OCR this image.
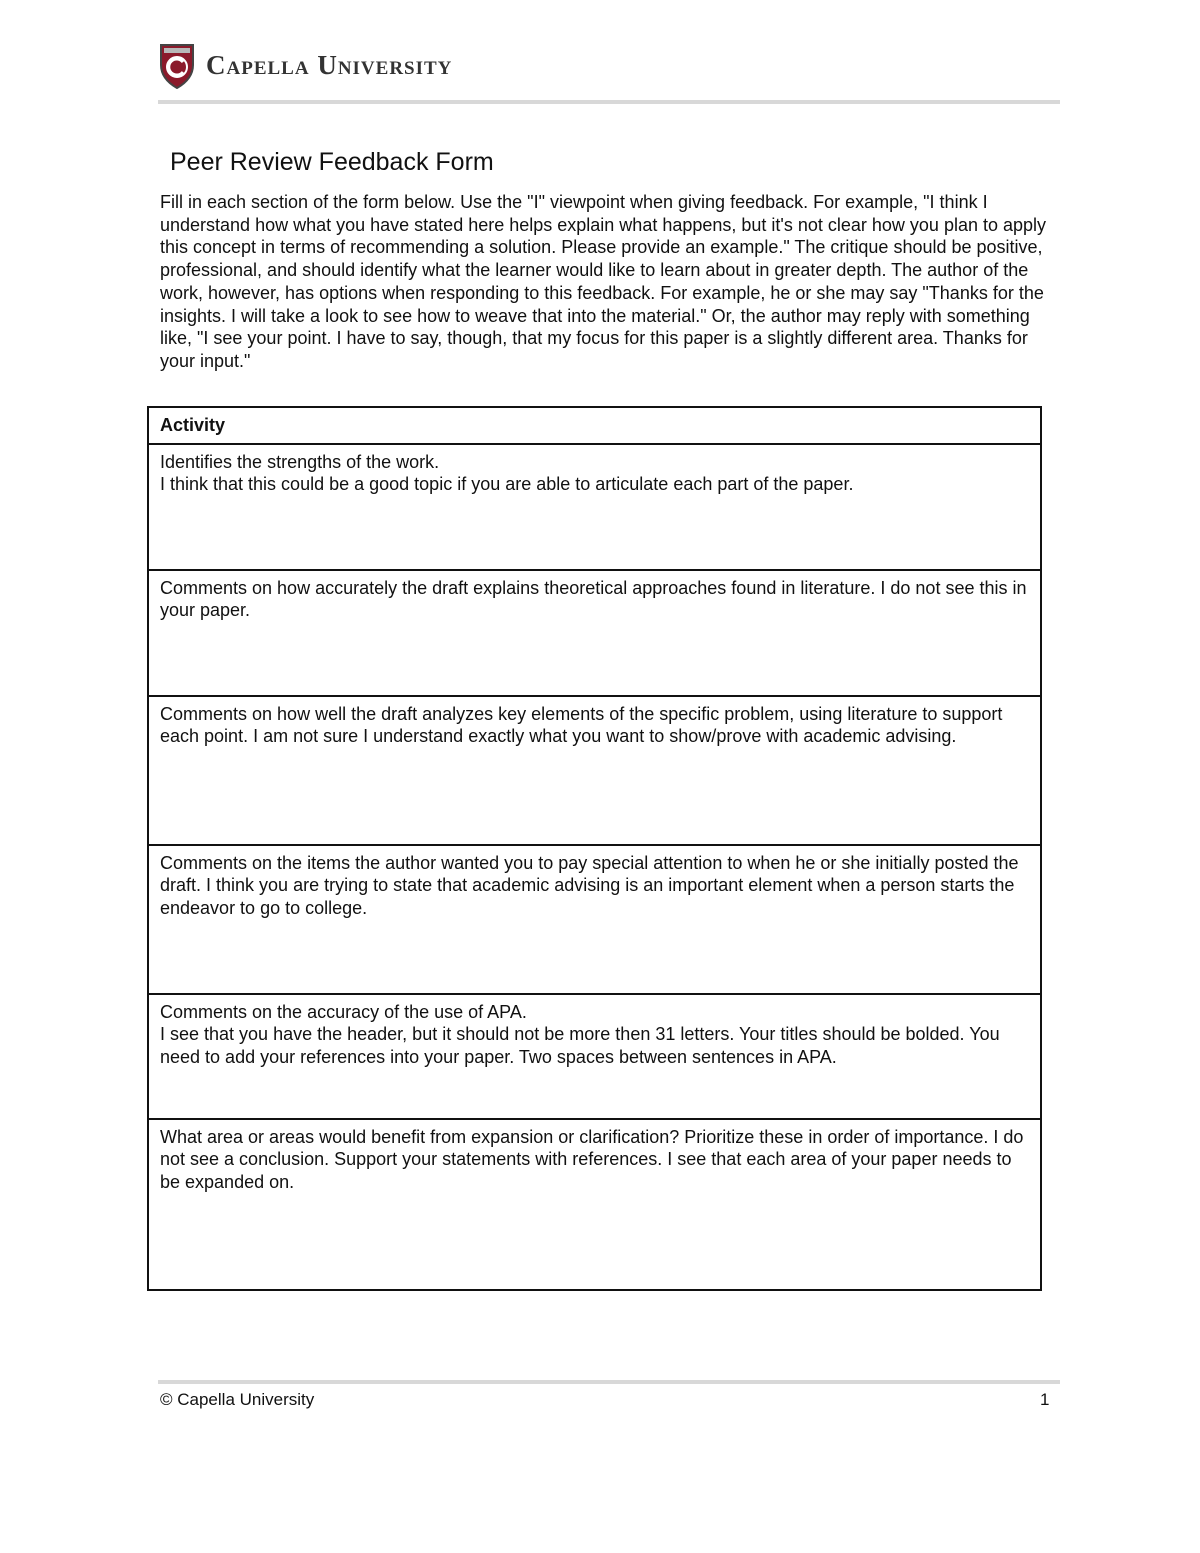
Capella University
Peer Review Feedback Form

Fill in each section of the form below. Use the "I" viewpoint when giving feedback. For example, "I think I understand how what you have stated here helps explain what happens, but it's not clear how you plan to apply this concept in terms of recommending a solution. Please provide an example." The critique should be positive, professional, and should identify what the learner would like to learn about in greater depth. The author of the work, however, has options when responding to this feedback. For example, he or she may say "Thanks for the insights. I will take a look to see how to weave that into the material." Or, the author may reply with something like, "I see your point. I have to say, though, that my focus for this paper is a slightly different area. Thanks for your input."

Activity

Identifies the strengths of the work.
I think that this could be a good topic if you are able to articulate each part of the paper.

Comments on how accurately the draft explains theoretical approaches found in literature. I do not see this in your paper.
Comments on how well the draft analyzes key elements of the specific problem, using literature to support each point. I am not sure I understand exactly what you want to show/prove with academic advising.
Comments on the items the author wanted you to pay special attention to when he or she initially posted the draft. I think you are trying to state that academic advising is an important element when a person starts the endeavor to go to college.

Comments on the accuracy of the use of APA.
I see that you have the header, but it should not be more then 31 letters. Your titles should be bolded. You need to add your references into your paper. Two spaces between sentences in APA.

What area or areas would benefit from expansion or clarification? Prioritize these in order of importance. I do not see a conclusion. Support your statements with references. I see that each area of your paper needs to be expanded on.
© Capella University	1
